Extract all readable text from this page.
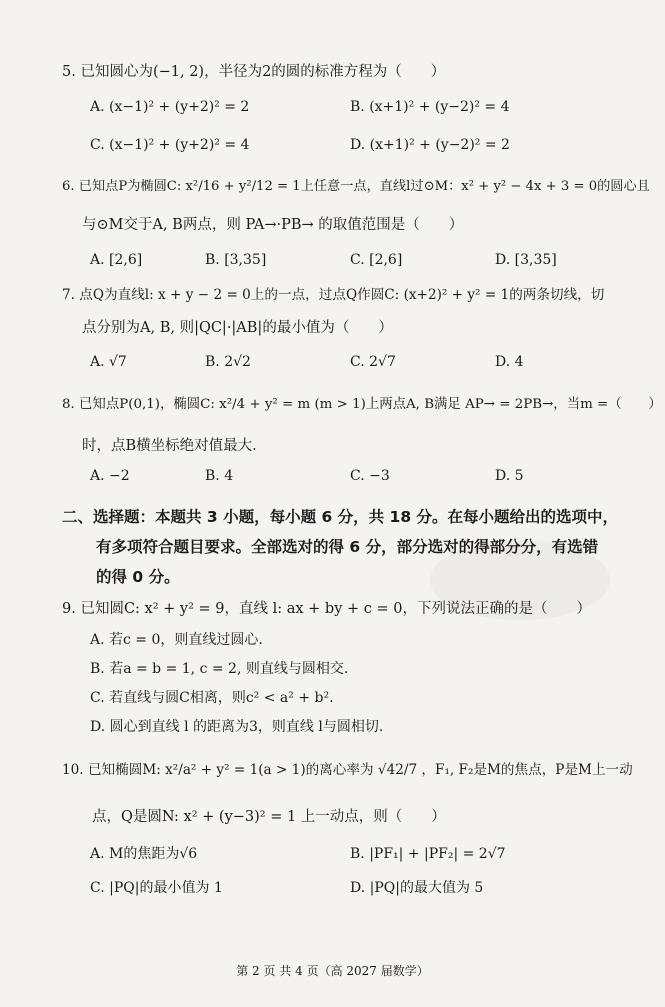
5. 已知圆心为(−1, 2)，半径为2的圆的标准方程为（　　）
A. (x−1)² + (y+2)² = 2	B. (x+1)² + (y−2)² = 4
C. (x−1)² + (y+2)² = 4	D. (x+1)² + (y−2)² = 2
6. 已知点P为椭圆C: x²/16 + y²/12 = 1上任意一点，直线l过⊙M：x² + y² − 4x + 3 = 0的圆心且
与⊙M交于A, B两点，则 PA→·PB→ 的取值范围是（　　）
A. [2,6]	B. [3,35]	C. [2,6]	D. [3,35]
7. 点Q为直线l: x + y − 2 = 0上的一点，过点Q作圆C: (x+2)² + y² = 1的两条切线，切
点分别为A, B, 则|QC|·|AB|的最小值为（　　）
A. √7	B. 2√2	C. 2√7	D. 4
8. 已知点P(0,1)，椭圆C: x²/4 + y² = m (m > 1)上两点A, B满足 AP→ = 2PB→，当m =（　　）
时，点B横坐标绝对值最大.
A. −2	B. 4	C. −3	D. 5
二、选择题：本题共 3 小题，每小题 6 分，共 18 分。在每小题给出的选项中，
有多项符合题目要求。全部选对的得 6 分，部分选对的得部分分，有选错
的得 0 分。
9. 已知圆C: x² + y² = 9，直线 l: ax + by + c = 0，下列说法正确的是（　　）
A. 若c = 0，则直线过圆心.
B. 若a = b = 1, c = 2, 则直线与圆相交.
C. 若直线与圆C相离，则c² < a² + b².
D. 圆心到直线 l 的距离为3，则直线 l与圆相切.
10. 已知椭圆M: x²/a² + y² = 1(a > 1)的离心率为 √42/7 ，F₁, F₂是M的焦点，P是M上一动
点，Q是圆N: x² + (y−3)² = 1 上一动点，则（　　）
A. M的焦距为√6	B. |PF₁| + |PF₂| = 2√7
C. |PQ|的最小值为 1	D. |PQ|的最大值为 5
第 2 页 共 4 页（高 2027 届数学）
